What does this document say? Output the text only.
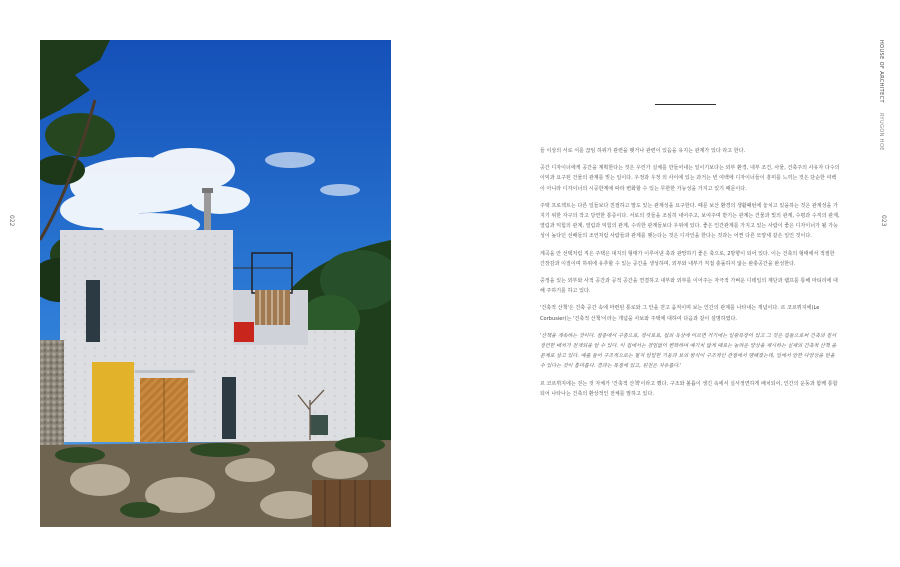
022	023
HOUSE OF ARCHITECT
RYUGON HOE

들 이상의 서로 서를 끊임 하위가 관련을 맺거나 관련이 있음을 유지는 관계가 있다 라고 한다.

공간 디자이너에게 공간을 계획한다는 것은 우린가 실체를 만들어내는 일이기보다는 외부 환경, 내부 조건, 사물, 건축주의 사유자 다수의 이익과 요구된 건물의 관계를 빚는 일이다. 우정과 우정 의 사이에 있는 과거는 빈 여백에 디자이너들이 흥미를 느끼는 것은 단순한 여백이 아니라 디자이너의 시공한계에 따라 변화할 수 있는 무한한 가능성을 가지고 있기 때문이다.

주택 프로젝트는 다른 일들보다 친절하고 말도 있는 관계성을 요구한다. 때문 보산 환경의 생활패턴에 놓치고 있을하는 것은 관계성을 가지기 위한 자구의 작고 당연한 통증이다. 서로의 것들을 조심히 내어주고, 보여주며 받기는 관계는 건물과 빛의 관계, 수평과 수직의 관계, 열림과 익힘의 관계, 열림과 익힘의 관계, 수리한 관계들보다 우위에 있다. 좋은 인간관계를 가지고 있는 사람이 좋은 디자이너가 될 가능성이 높다던 선배들의 조언처럼 사람들과 관계를 맺는다는 것은 디자인을 한다는 것과는 어쩐 다른 모양새 같은 일인 것이다.

계곡을 안 선택처럼 직은 주택은 대지의 형태가 이루어낸 축과 관망하기 좋은 축으로, 2방향이 되어 있다. 이는 건축의 형태에서 적절한 긴장감과 이질이며 하위에 유추할 수 있는 공간을 생성하며, 외부와 내부가 직접 충돌하지 않는 완충공간을 완성한다.

중정을 있는 외부와 사적 공간과 공적 공간을 연결하고 내부와 외부를 이어주는 자극적 가벼운 디테일의 계단과 램프를 통해 마티리에 대해 주하기를 하고 있다.

'건축적 산책'은 건축 공간 속에 마련된 통로와 그 안을 걷고 움직이며 보는 인간의 관계를 나타내는 개념이다. 르 코르뷔지에(Le Corbusier)는 '건축적 산책'이라는 개념을 사보와 주택에 대하여 다음과 같이 설명하였다.

'산책을 계속하는 것이다. 점층에서 구층으로, 경사로로, 집의 옥상에 이르면 거기에는 일광욕장이 있고 그 것은 집들으로써 건축의 질서정연한 배치가 전개되을 알 수 있다. 이 집에서는 경임없이 변화하며 예기치 않게 때로는 놀라운 양상을 제시하는 실제의 건축적 산책 을 문제로 삼고 있다. 예를 들어 구조적으로는 철저 엄밀한 기둥과 보의 방식이 구조적인 관점에서 행해졌는데, 일에서 알한 다양상을 얻을 수 있다는 것이 흥미롭다. 결과는 목점에 있고, 원천은 자유롭다.'

르 코르뷔지에는 걷는 것 자체가 '건축적 산책'이라고 했다. 구조와 볼륨이 생긴 속에서 실서정연하게 배치되어, 인간의 운동과 함께 통합되어 나타나는 건축의 환상적인 전체를 말하고 있다.
